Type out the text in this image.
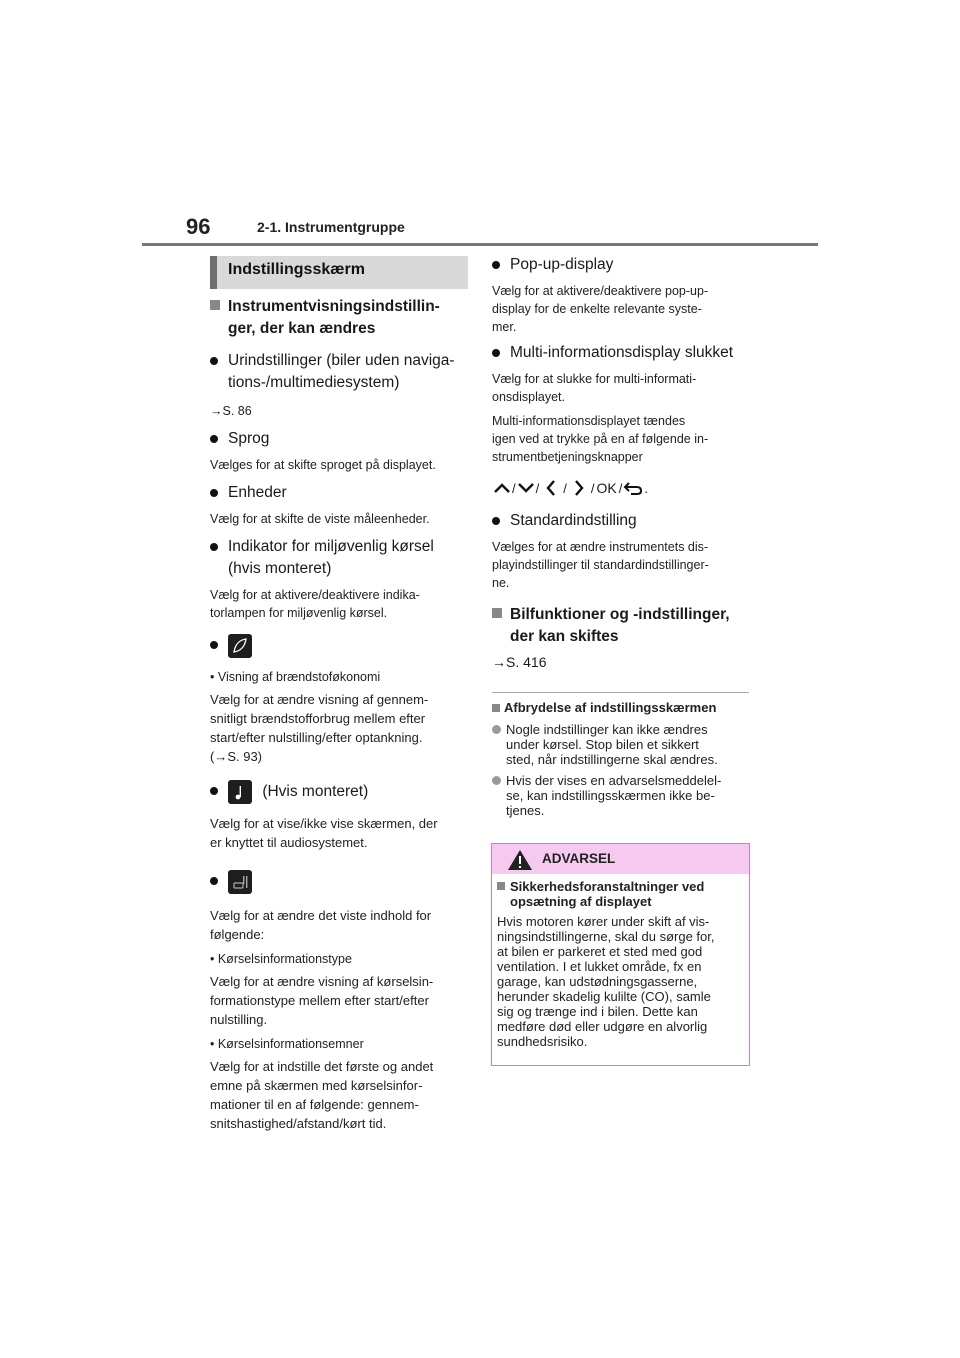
96	2-1. Instrumentgruppe
Indstillingsskærm
Instrumentvisningsindstillin-
ger, der kan ændres
Urindstillinger (biler uden naviga-
tions-/multimediesystem)
→S. 86
Sprog
Vælges for at skifte sproget på displayet.
Enheder
Vælg for at skifte de viste måleenheder.
Indikator for miljøvenlig kørsel
(hvis monteret)
Vælg for at aktivere/deaktivere indika-
torlampen for miljøvenlig kørsel.
• Visning af brændstoføkonomi
Vælg for at ændre visning af gennem-
snitligt brændstofforbrug mellem efter
start/efter nulstilling/efter optankning.
(→S. 93)
(Hvis monteret)
Vælg for at vise/ikke vise skærmen, der
er knyttet til audiosystemet.
Vælg for at ændre det viste indhold for
følgende:
• Kørselsinformationstype
Vælg for at ændre visning af kørselsin-
formationstype mellem efter start/efter
nulstilling.
• Kørselsinformationsemner
Vælg for at indstille det første og andet
emne på skærmen med kørselsinfor-
mationer til en af følgende: gennem-
snitshastighed/afstand/kørt tid.
Pop-up-display
Vælg for at aktivere/deaktivere pop-up-
display for de enkelte relevante syste-
mer.
Multi-informationsdisplay slukket
Vælg for at slukke for multi-informati-
onsdisplayet.
Multi-informationsdisplayet tændes
igen ved at trykke på en af følgende in-
strumentbetjeningsknapper
/ / / / OK / .
Standardindstilling
Vælges for at ændre instrumentets dis-
playindstillinger til standardindstillinger-
ne.
Bilfunktioner og -indstillinger,
der kan skiftes
→S. 416
Afbrydelse af indstillingsskærmen
Nogle indstillinger kan ikke ændres
under kørsel. Stop bilen et sikkert
sted, når indstillingerne skal ændres.
Hvis der vises en advarselsmeddelel-
se, kan indstillingsskærmen ikke be-
tjenes.
ADVARSEL
Sikkerhedsforanstaltninger ved
opsætning af displayet
Hvis motoren kører under skift af vis-
ningsindstillingerne, skal du sørge for,
at bilen er parkeret et sted med god
ventilation. I et lukket område, fx en
garage, kan udstødningsgasserne,
herunder skadelig kulilte (CO), samle
sig og trænge ind i bilen. Dette kan
medføre død eller udgøre en alvorlig
sundhedsrisiko.
